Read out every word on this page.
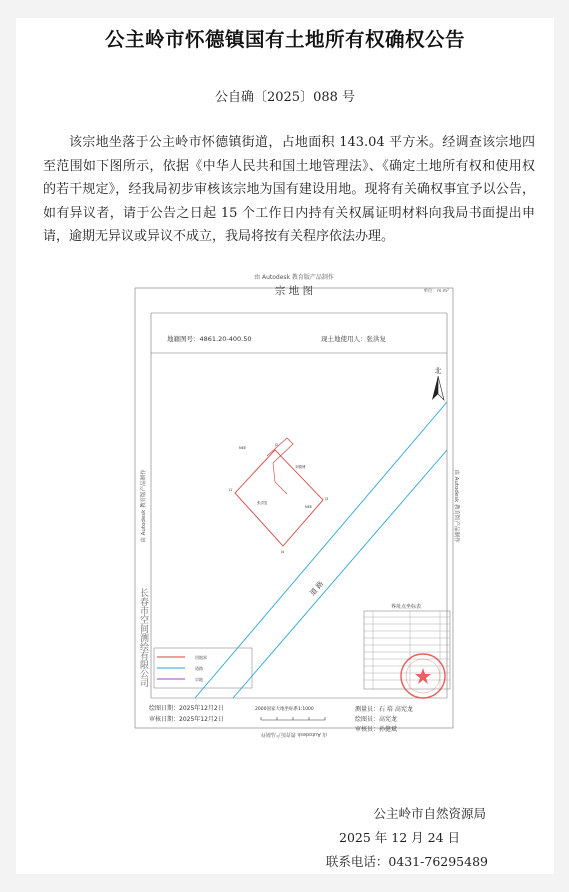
公主岭市怀德镇国有土地所有权确权公告
公自确〔2025〕088 号
该宗地坐落于公主岭市怀德镇街道，占地面积 143.04 平方米。经调查该宗地四至范围如下图所示，依据《中华人民共和国土地管理法》、《确定土地所有权和使用权的若干规定》，经我局初步审核该宗地为国有建设用地。现将有关确权事宜予以公告，如有异议者，请于公告之日起 15 个工作日内持有关权属证明材料向我局书面提出申请，逾期无异议或异议不成立，我局将按有关程序依法办理。
由 Autodesk 教育版产品制作
宗 地 图	单位：m.m²
地籍图号：4861.20-400.50	现土地使用人：张洪复
北
道 路
NEE
刘德傅
张洪复
NEE
J1
J2
J3
J4
由 Autodesk 教育版产品制作	由 Autodesk 教育版产品制作
长春市空间测绘有限公司	界址点坐标表
用地界
道路
宗地
绘图日期：2025年12月2日
审核日期：2025年12月2日
2000国家大地坐标系1:1000	测量员：石 培 高宪龙
绘图员：高宪龙
审核员：孙健斌
由 Autodesk 教育版产品制作
公主岭市自然资源局
2025 年 12 月 24 日
联系电话：0431-76295489
